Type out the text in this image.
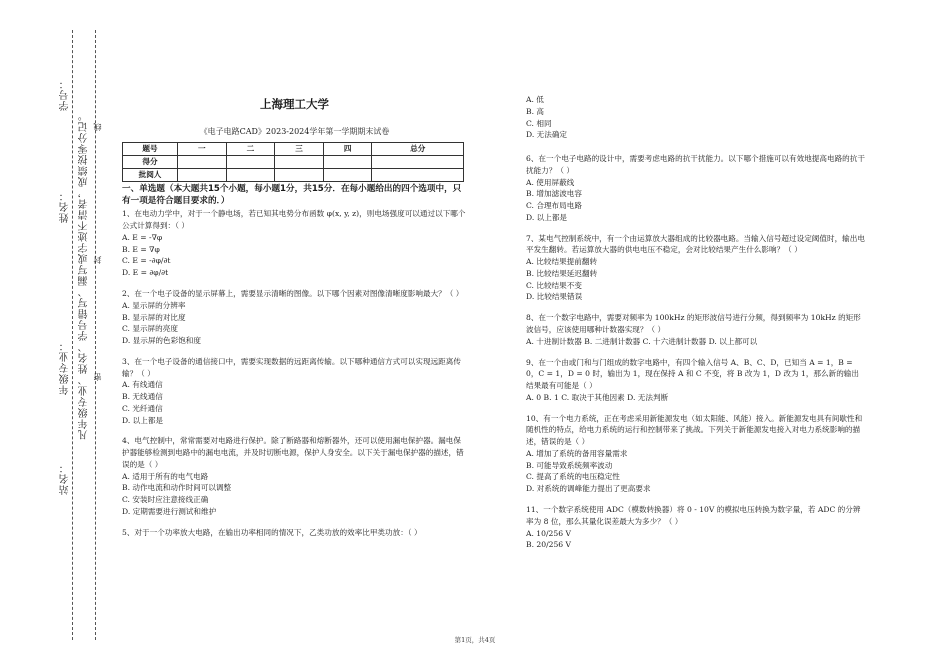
学号：
姓名：
年级专业：
站名：
凡年级专业、姓名、学号错写、漏写或字迹不清者，成绩按零分记。 线
封
密
上海理工大学
《电子电路CAD》2023-2024学年第一学期期末试卷
题号	一	二	三	四	总分
得分					
批阅人					
一、单选题（本大题共15个小题，每小题1分，共15分．在每小题给出的四个选项中，只有一项是符合题目要求的．）

1、在电动力学中，对于一个静电场，若已知其电势分布函数 φ(x, y, z)，则电场强度可以通过以下哪个公式计算得到：（ ）

A. E = -∇φ

B. E = ∇φ

C. E = -∂φ/∂t

D. E = ∂φ/∂t

2、在一个电子设备的显示屏幕上，需要显示清晰的图像。以下哪个因素对图像清晰度影响最大？（ ）

A. 显示屏的分辨率

B. 显示屏的对比度

C. 显示屏的亮度

D. 显示屏的色彩饱和度

3、在一个电子设备的通信接口中，需要实现数据的远距离传输。以下哪种通信方式可以实现远距离传输？（ ）

A. 有线通信

B. 无线通信

C. 光纤通信

D. 以上都是

4、电气控制中，常常需要对电路进行保护。除了断路器和熔断器外，还可以使用漏电保护器。漏电保护器能够检测到电路中的漏电电流，并及时切断电源，保护人身安全。以下关于漏电保护器的描述，错误的是（ ）

A. 适用于所有的电气电路

B. 动作电流和动作时间可以调整

C. 安装时应注意接线正确

D. 定期需要进行测试和维护

5、对于一个功率放大电路，在输出功率相同的情况下，乙类功放的效率比甲类功放：（ ）

A. 低

B. 高

C. 相同

D. 无法确定

6、在一个电子电路的设计中，需要考虑电路的抗干扰能力。以下哪个措施可以有效地提高电路的抗干扰能力？（ ）

A. 使用屏蔽线

B. 增加滤波电容

C. 合理布局电路

D. 以上都是

7、某电气控制系统中，有一个由运算放大器组成的比较器电路。当输入信号超过设定阈值时，输出电平发生翻转。若运算放大器的供电电压不稳定，会对比较结果产生什么影响？（ ）

A. 比较结果提前翻转

B. 比较结果延迟翻转

C. 比较结果不变

D. 比较结果错误

8、在一个数字电路中，需要对频率为 100kHz 的矩形波信号进行分频，得到频率为 10kHz 的矩形波信号，应该使用哪种计数器实现？（ ）

A. 十进制计数器 B. 二进制计数器 C. 十六进制计数器 D. 以上都可以

9、在一个由或门和与门组成的数字电路中，有四个输入信号 A、B、C、D，已知当 A = 1，B = 0，C = 1，D = 0 时，输出为 1，现在保持 A 和 C 不变，将 B 改为 1，D 改为 1，那么新的输出结果最有可能是（ ）

A. 0 B. 1 C. 取决于其他因素 D. 无法判断

10、有一个电力系统，正在考虑采用新能源发电（如太阳能、风能）接入。新能源发电具有间歇性和随机性的特点，给电力系统的运行和控制带来了挑战。下列关于新能源发电接入对电力系统影响的描述，错误的是（ ）

A. 增加了系统的备用容量需求

B. 可能导致系统频率波动

C. 提高了系统的电压稳定性

D. 对系统的调峰能力提出了更高要求

11、一个数字系统使用 ADC（模数转换器）将 0 - 10V 的模拟电压转换为数字量，若 ADC 的分辨率为 8 位，那么其量化误差最大为多少？（ ）

A. 10/256 V

B. 20/256 V

第1页，共4页
